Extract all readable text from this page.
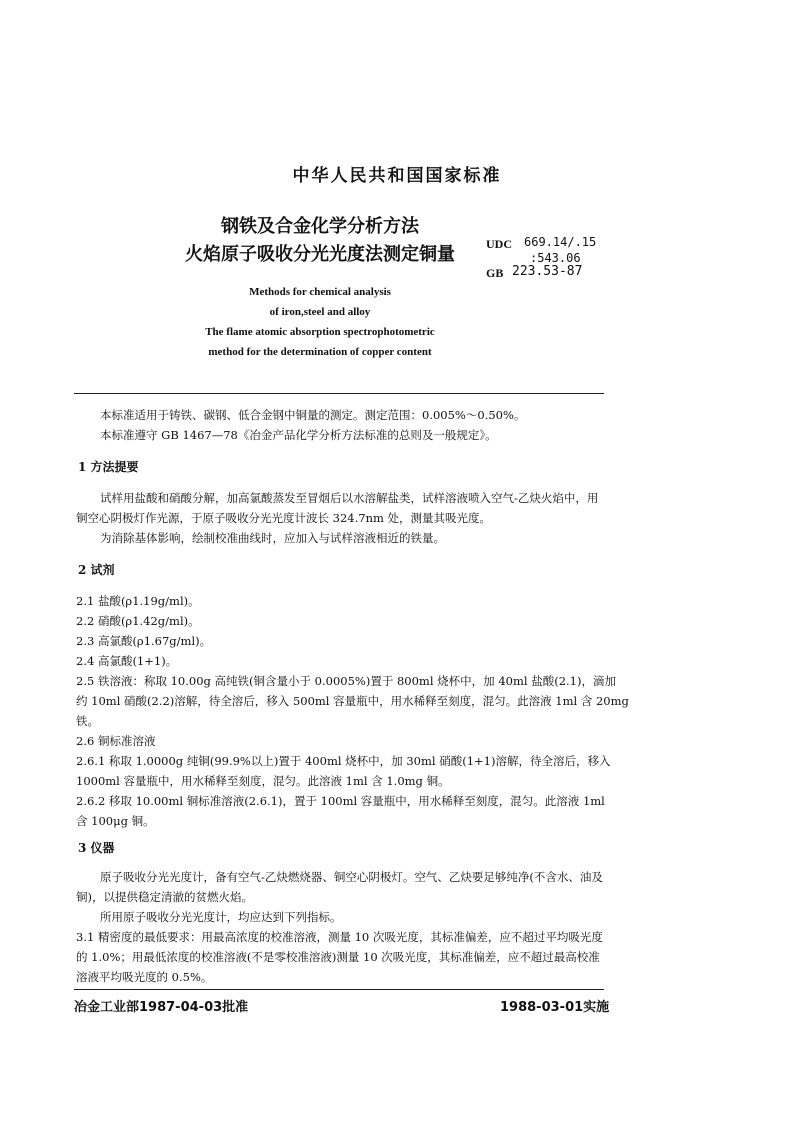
中华人民共和国国家标准
钢铁及合金化学分析方法
火焰原子吸收分光光度法测定铜量	UDC 669.14/.15
:543.06
GB 223.53-87
Methods for chemical analysis
of iron,steel and alloy
The flame atomic absorption spectrophotometric
method for the determination of copper content
本标准适用于铸铁、碳钢、低合金钢中铜量的测定。测定范围：0.005%～0.50%。
本标准遵守 GB 1467—78《冶金产品化学分析方法标准的总则及一般规定》。
1 方法提要
试样用盐酸和硝酸分解，加高氯酸蒸发至冒烟后以水溶解盐类，试样溶液喷入空气-乙炔火焰中，用
铜空心阴极灯作光源，于原子吸收分光光度计波长 324.7nm 处，测量其吸光度。
为消除基体影响，绘制校准曲线时，应加入与试样溶液相近的铁量。
2 试剂
2.1 盐酸(ρ1.19g/ml)。
2.2 硝酸(ρ1.42g/ml)。
2.3 高氯酸(ρ1.67g/ml)。
2.4 高氯酸(1+1)。
2.5 铁溶液：称取 10.00g 高纯铁(铜含量小于 0.0005%)置于 800ml 烧杯中，加 40ml 盐酸(2.1)，滴加
约 10ml 硝酸(2.2)溶解，待全溶后，移入 500ml 容量瓶中，用水稀释至刻度，混匀。此溶液 1ml 含 20mg
铁。
2.6 铜标准溶液
2.6.1 称取 1.0000g 纯铜(99.9%以上)置于 400ml 烧杯中，加 30ml 硝酸(1+1)溶解，待全溶后，移入
1000ml 容量瓶中，用水稀释至刻度，混匀。此溶液 1ml 含 1.0mg 铜。
2.6.2 移取 10.00ml 铜标准溶液(2.6.1)，置于 100ml 容量瓶中，用水稀释至刻度，混匀。此溶液 1ml
含 100μg 铜。
3 仪器
原子吸收分光光度计，备有空气-乙炔燃烧器、铜空心阴极灯。空气、乙炔要足够纯净(不含水、油及
铜)，以提供稳定清澈的贫燃火焰。
所用原子吸收分光光度计，均应达到下列指标。
3.1 精密度的最低要求：用最高浓度的校准溶液，测量 10 次吸光度，其标准偏差，应不超过平均吸光度
的 1.0%；用最低浓度的校准溶液(不是零校准溶液)测量 10 次吸光度，其标准偏差，应不超过最高校准
溶液平均吸光度的 0.5%。
冶金工业部1987-04-03批准	1988-03-01实施
